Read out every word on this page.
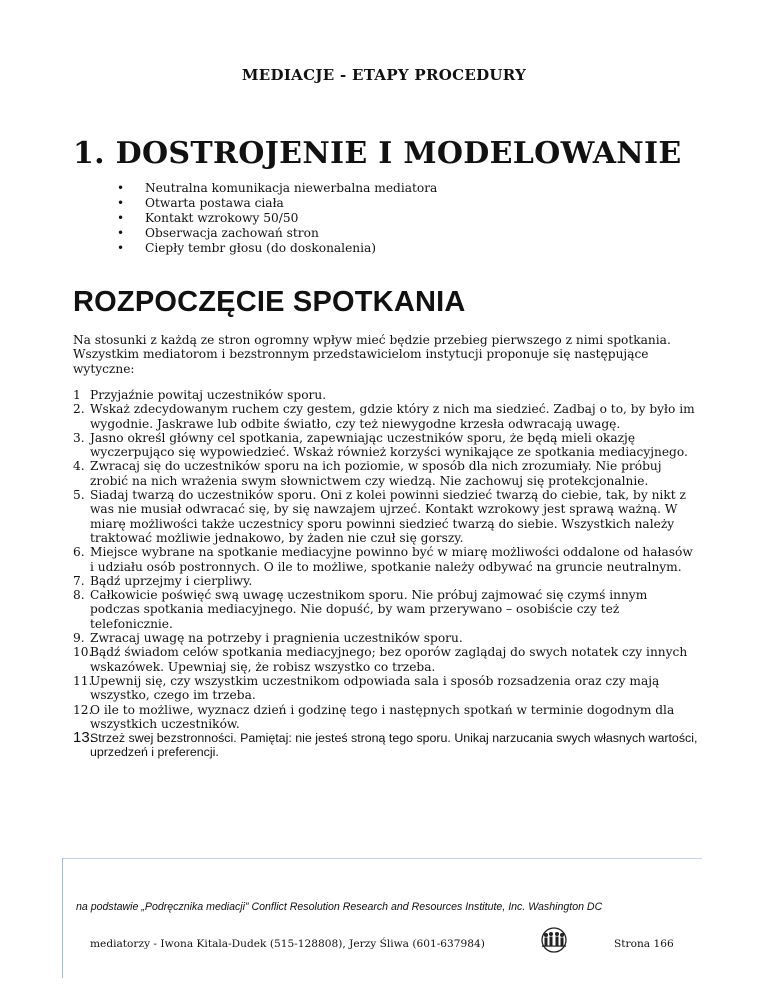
MEDIACJE - ETAPY PROCEDURY
1. DOSTROJENIE I MODELOWANIE
• Neutralna komunikacja niewerbalna mediatora
• Otwarta postawa ciała
• Kontakt wzrokowy 50/50
• Obserwacja zachowań stron
• Ciepły tembr głosu (do doskonalenia)
ROZPOCZĘCIE SPOTKANIA
Na stosunki z każdą ze stron ogromny wpływ mieć będzie przebieg pierwszego z nimi spotkania. Wszystkim mediatorom i bezstronnym przedstawicielom instytucji proponuje się następujące wytyczne:
1 Przyjaźnie powitaj uczestników sporu.
2. Wskaż zdecydowanym ruchem czy gestem, gdzie który z nich ma siedzieć. Zadbaj o to, by było im wygodnie. Jaskrawe lub odbite światło, czy też niewygodne krzesła odwracają uwagę.
3. Jasno określ główny cel spotkania, zapewniając uczestników sporu, że będą mieli okazję wyczerpująco się wypowiedzieć. Wskaż również korzyści wynikające ze spotkania mediacyjnego.
4. Zwracaj się do uczestników sporu na ich poziomie, w sposób dla nich zrozumiały. Nie próbuj zrobić na nich wrażenia swym słownictwem czy wiedzą. Nie zachowuj się protekcjonalnie.
5. Siadaj twarzą do uczestników sporu. Oni z kolei powinni siedzieć twarzą do ciebie, tak, by nikt z was nie musiał odwracać się, by się nawzajem ujrzeć. Kontakt wzrokowy jest sprawą ważną. W miarę możliwości także uczestnicy sporu powinni siedzieć twarzą do siebie. Wszystkich należy traktować możliwie jednakowo, by żaden nie czuł się gorszy.
6. Miejsce wybrane na spotkanie mediacyjne powinno być w miarę możliwości oddalone od hałasów i udziału osób postronnych. O ile to możliwe, spotkanie należy odbywać na gruncie neutralnym.
7. Bądź uprzejmy i cierpliwy.
8. Całkowicie poświęć swą uwagę uczestnikom sporu. Nie próbuj zajmować się czymś innym podczas spotkania mediacyjnego. Nie dopuść, by wam przerywano – osobiście czy też telefonicznie.
9. Zwracaj uwagę na potrzeby i pragnienia uczestników sporu.
10.
Bądź świadom celów spotkania mediacyjnego; bez oporów zaglądaj do swych notatek czy innych wskazówek. Upewniaj się, że robisz wszystko co trzeba.
11.
Upewnij się, czy wszystkim uczestnikom odpowiada sala i sposób rozsadzenia oraz czy mają wszystko, czego im trzeba.
12.
O ile to możliwe, wyznacz dzień i godzinę tego i następnych spotkań w terminie dogodnym dla wszystkich uczestników.
13.
Strzeż swej bezstronności. Pamiętaj: nie jesteś stroną tego sporu. Unikaj narzucania swych własnych wartości, uprzedzeń i preferencji.
na podstawie „Podręcznika mediacji” Conflict Resolution Research and Resources Institute, Inc. Washington DC
mediatorzy - Iwona Kitala-Dudek (515-128808), Jerzy Śliwa (601-637984)	Strona 166
